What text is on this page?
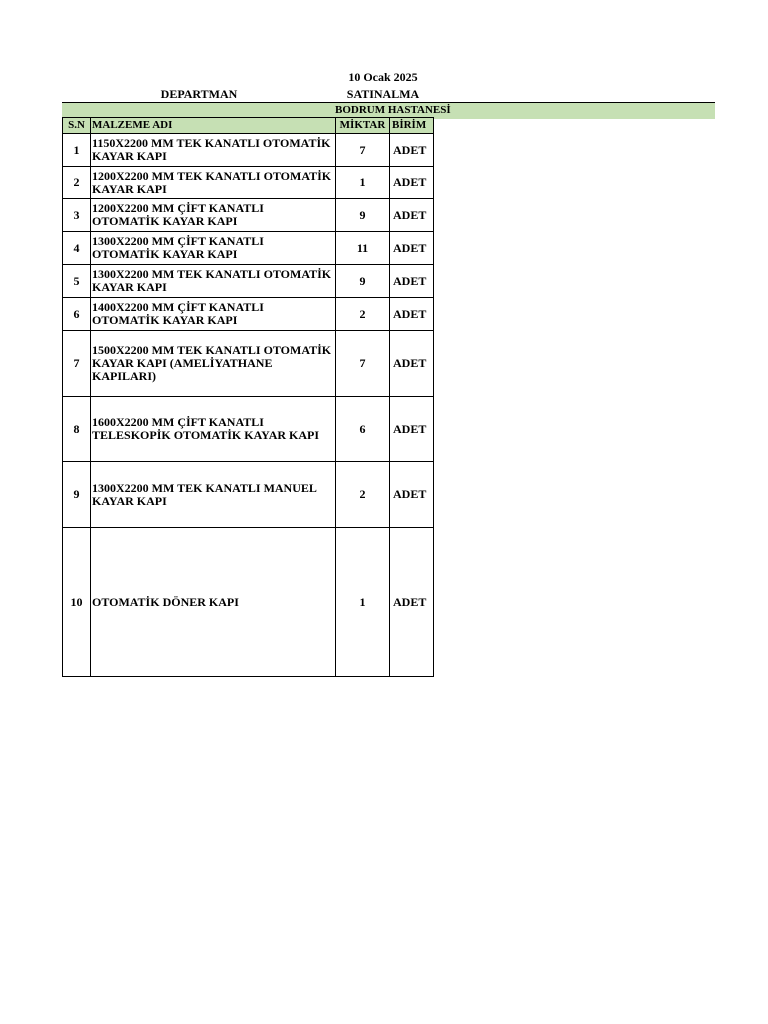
10 Ocak 2025
DEPARTMAN	SATINALMA
BODRUM HASTANESİ
S.N	MALZEME ADI	MİKTAR	BİRİM
1	1150X2200 MM TEK KANATLI OTOMATİK KAYAR KAPI	7	ADET
2	1200X2200 MM TEK KANATLI OTOMATİK KAYAR KAPI	1	ADET
3	1200X2200 MM ÇİFT KANATLI OTOMATİK KAYAR KAPI	9	ADET
4	1300X2200 MM ÇİFT KANATLI OTOMATİK KAYAR KAPI	11	ADET
5	1300X2200 MM TEK KANATLI OTOMATİK KAYAR KAPI	9	ADET
6	1400X2200 MM ÇİFT KANATLI OTOMATİK KAYAR KAPI	2	ADET
7	1500X2200 MM TEK KANATLI OTOMATİK KAYAR KAPI (AMELİYATHANE KAPILARI)	7	ADET
8	1600X2200 MM ÇİFT KANATLI TELESKOPİK OTOMATİK KAYAR KAPI	6	ADET
9	1300X2200 MM TEK KANATLI MANUEL KAYAR KAPI	2	ADET
10	OTOMATİK DÖNER KAPI	1	ADET
